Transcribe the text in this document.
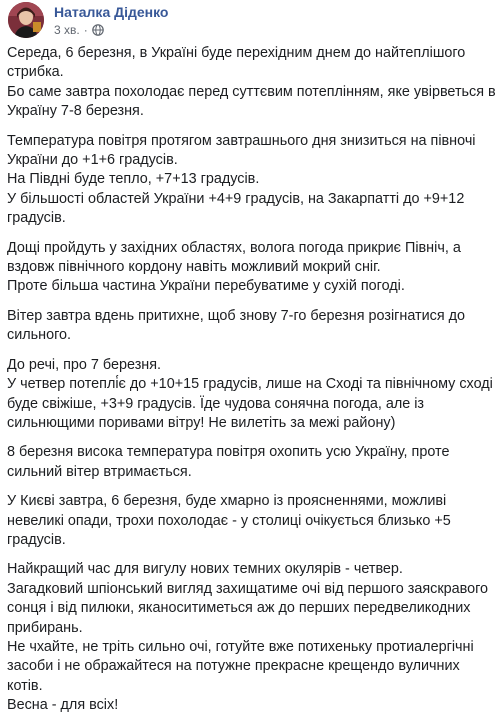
Наталка Діденко
3 хв. ·

Середа, 6 березня, в Україні буде перехідним днем до найтеплішого стрибка.
Бо саме завтра похолодає перед суттєвим потеплінням, яке увірветься в Україну 7-8 березня.

Температура повітря протягом завтрашнього дня знизиться на півночі України до +1+6 градусів.
На Півдні буде тепло, +7+13 градусів.
У більшості областей України +4+9 градусів, на Закарпатті до +9+12 градусів.

Дощі пройдуть у західних областях, волога погода прикриє Північ, а вздовж північного кордону навіть можливий мокрий сніг.
Проте більша частина України перебуватиме у сухій погоді.

Вітер завтра вдень притихне, щоб знову 7-го березня розігнатися до сильного.

До речі, про 7 березня.
У четвер потеплі́є до +10+15 градусів, лише на Сході та північному сході буде свіжіше, +3+9 градусів. Їде чудова сонячна погода, але із сильнющими поривами вітру! Не вилетіть за межі району)

8 березня висока температура повітря охопить усю Україну, проте сильний вітер втримається.

У Києві завтра, 6 березня, буде хмарно із проясненнями, можливі невеликі опади, трохи похолодає - у столиці очікується близько +5 градусів.

Найкращий час для вигулу нових темних окулярів - четвер.
Загадковий шпіонський вигляд захищатиме очі від першого заяскравого сонця і від пилюки, яканоситиметься аж до перших передвеликодних прибирань.
Не чхайте, не тріть сильно очі, готуйте вже потихеньку протиалергічні засоби і не ображайтеся на потужне прекрасне крещендо вуличних котів.
Весна - для всіх!
